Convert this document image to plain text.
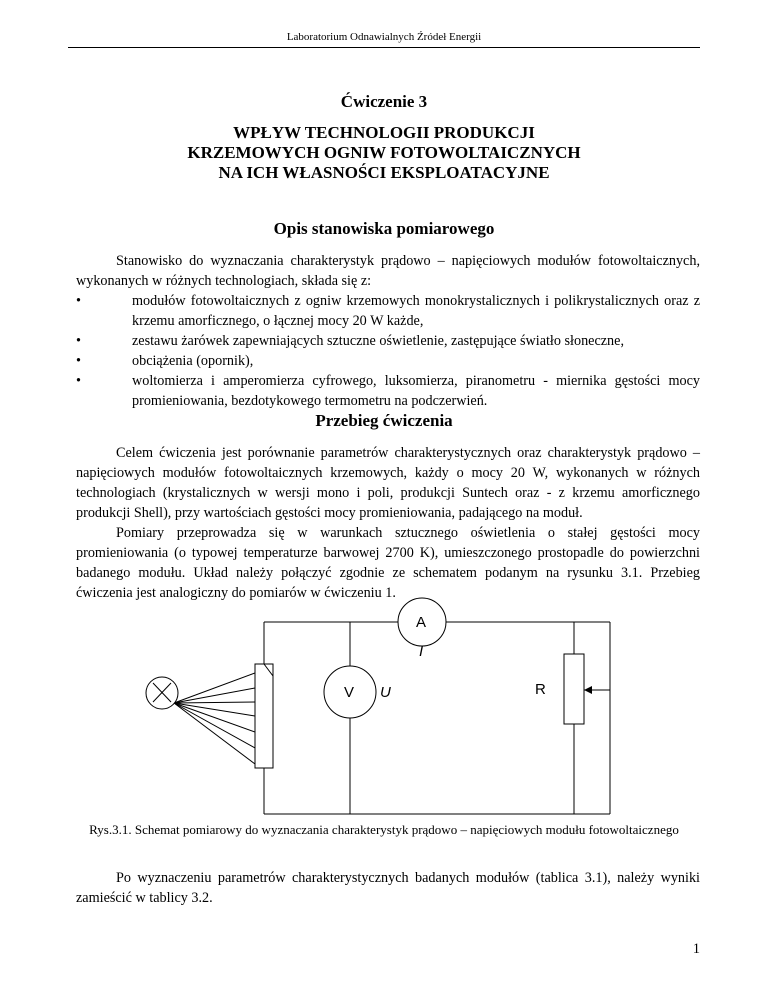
Laboratorium Odnawialnych Źródeł Energii
Ćwiczenie 3
WPŁYW TECHNOLOGII PRODUKCJI
KRZEMOWYCH OGNIW FOTOWOLTAICZNYCH
NA ICH WŁASNOŚCI EKSPLOATACYJNE
Opis stanowiska pomiarowego

Stanowisko do wyznaczania charakterystyk prądowo – napięciowych modułów fotowoltaicznych, wykonanych w różnych technologiach, składa się z:

•	modułów fotowoltaicznych z ogniw krzemowych monokrystalicznych i polikrystalicznych oraz z krzemu amorficznego, o łącznej mocy 20 W każde,
•	zestawu żarówek zapewniających sztuczne oświetlenie, zastępujące światło słoneczne,
•	obciążenia (opornik),
•	woltomierza i amperomierza cyfrowego, luksomierza, piranometru - miernika gęstości mocy promieniowania, bezdotykowego termometru na podczerwień.
Przebieg ćwiczenia

Celem ćwiczenia jest porównanie parametrów charakterystycznych oraz charakterystyk prądowo – napięciowych modułów fotowoltaicznych krzemowych, każdy o mocy 20 W, wykonanych w różnych technologiach (krystalicznych w wersji mono i poli, produkcji Suntech oraz - z krzemu amorficznego produkcji Shell), przy wartościach gęstości mocy promieniowania, padającego na moduł.

Pomiary przeprowadza się w warunkach sztucznego oświetlenia o stałej gęstości mocy promieniowania (o typowej temperaturze barwowej 2700 K), umieszczonego prostopadle do powierzchni badanego modułu. Układ należy połączyć zgodnie ze schematem podanym na rysunku 3.1. Przebieg ćwiczenia jest analogiczny do pomiarów w ćwiczeniu 1.

A
I
V U	R
Rys.3.1. Schemat pomiarowy do wyznaczania charakterystyk prądowo – napięciowych modułu fotowoltaicznego

Po wyznaczeniu parametrów charakterystycznych badanych modułów (tablica 3.1), należy wyniki zamieścić w tablicy 3.2.

1
